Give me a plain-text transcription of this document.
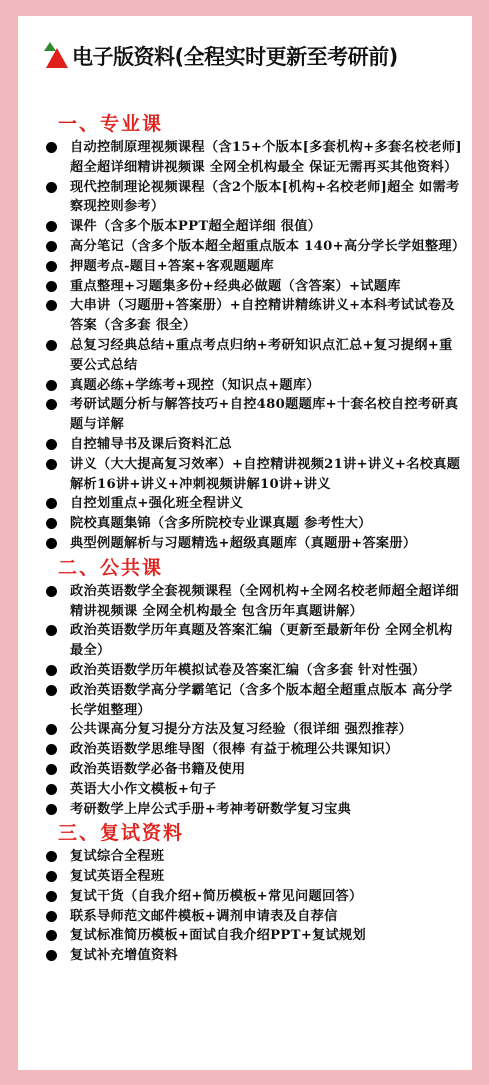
电子版资料(全程实时更新至考研前)
一、专业课
自动控制原理视频课程（含15+个版本[多套机构+多套名校老师]超全超详细精讲视频课 全网全机构最全 保证无需再买其他资料）
现代控制理论视频课程（含2个版本[机构+名校老师]超全 如需考察现控则参考）
课件（含多个版本PPT超全超详细 很值）
高分笔记（含多个版本超全超重点版本 140+高分学长学姐整理）
押题考点-题目+答案+客观题题库
重点整理+习题集多份+经典必做题（含答案）+试题库
大串讲（习题册+答案册）+自控精讲精练讲义+本科考试试卷及答案（含多套 很全）
总复习经典总结+重点考点归纳+考研知识点汇总+复习提纲+重要公式总结
真题必练+学练考+现控（知识点+题库）
考研试题分析与解答技巧+自控480题题库+十套名校自控考研真题与详解
自控辅导书及课后资料汇总
讲义（大大提高复习效率）+自控精讲视频21讲+讲义+名校真题解析16讲+讲义+冲刺视频讲解10讲+讲义
自控划重点+强化班全程讲义
院校真题集锦（含多所院校专业课真题 参考性大）
典型例题解析与习题精选+超级真题库（真题册+答案册）
二、公共课
政治英语数学全套视频课程（全网机构+全网名校老师超全超详细精讲视频课 全网全机构最全 包含历年真题讲解）
政治英语数学历年真题及答案汇编（更新至最新年份 全网全机构最全）
政治英语数学历年模拟试卷及答案汇编（含多套 针对性强）
政治英语数学高分学霸笔记（含多个版本超全超重点版本 高分学长学姐整理）
公共课高分复习提分方法及复习经验（很详细 强烈推荐）
政治英语数学思维导图（很棒 有益于梳理公共课知识）
政治英语数学必备书籍及使用
英语大小作文模板+句子
考研数学上岸公式手册+考神考研数学复习宝典
三、复试资料
复试综合全程班
复试英语全程班
复试干货（自我介绍+简历模板+常见问题回答）
联系导师范文邮件模板+调剂申请表及自荐信
复试标准简历模板+面试自我介绍PPT+复试规划
复试补充增值资料
